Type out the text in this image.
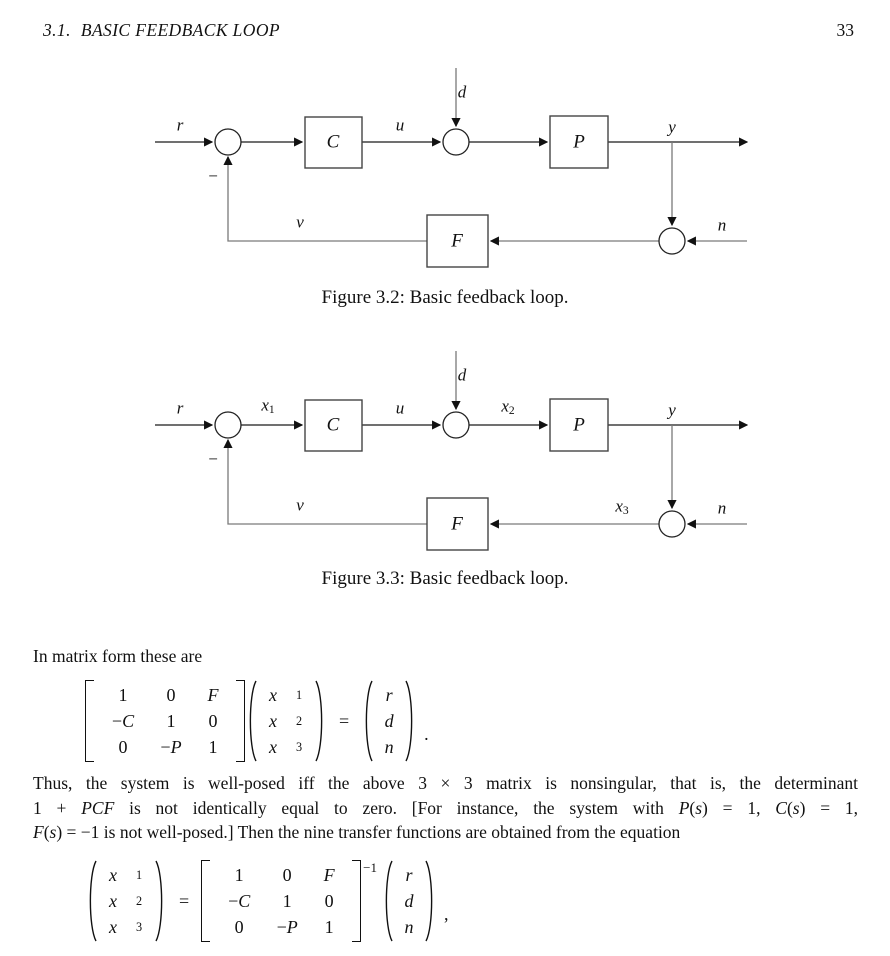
3.1. BASIC FEEDBACK LOOP	33
C	P
F
r	u
d
y
n
v
−
Figure 3.2: Basic feedback loop.
C	P
F
r	x1	u
d
x2	y
n
x3
v
−
Figure 3.3: Basic feedback loop.
In matrix form these are
1 0 F
− C 1 0
0 − P 1
x	1
x	2
x	3
=
r
d
n
.
Thus, the system is well-posed iff the above 3 × 3 matrix is nonsingular, that is, the determinant
1 + PCF is not identically equal to zero. [For instance, the system with P(s) = 1, C(s) = 1,
F(s) = −1 is not well-posed.] Then the nine transfer functions are obtained from the equation
x	1
x	2
x	3
=
1 0 F
− C 1 0
0 − P 1
−1	r
d
n
,
